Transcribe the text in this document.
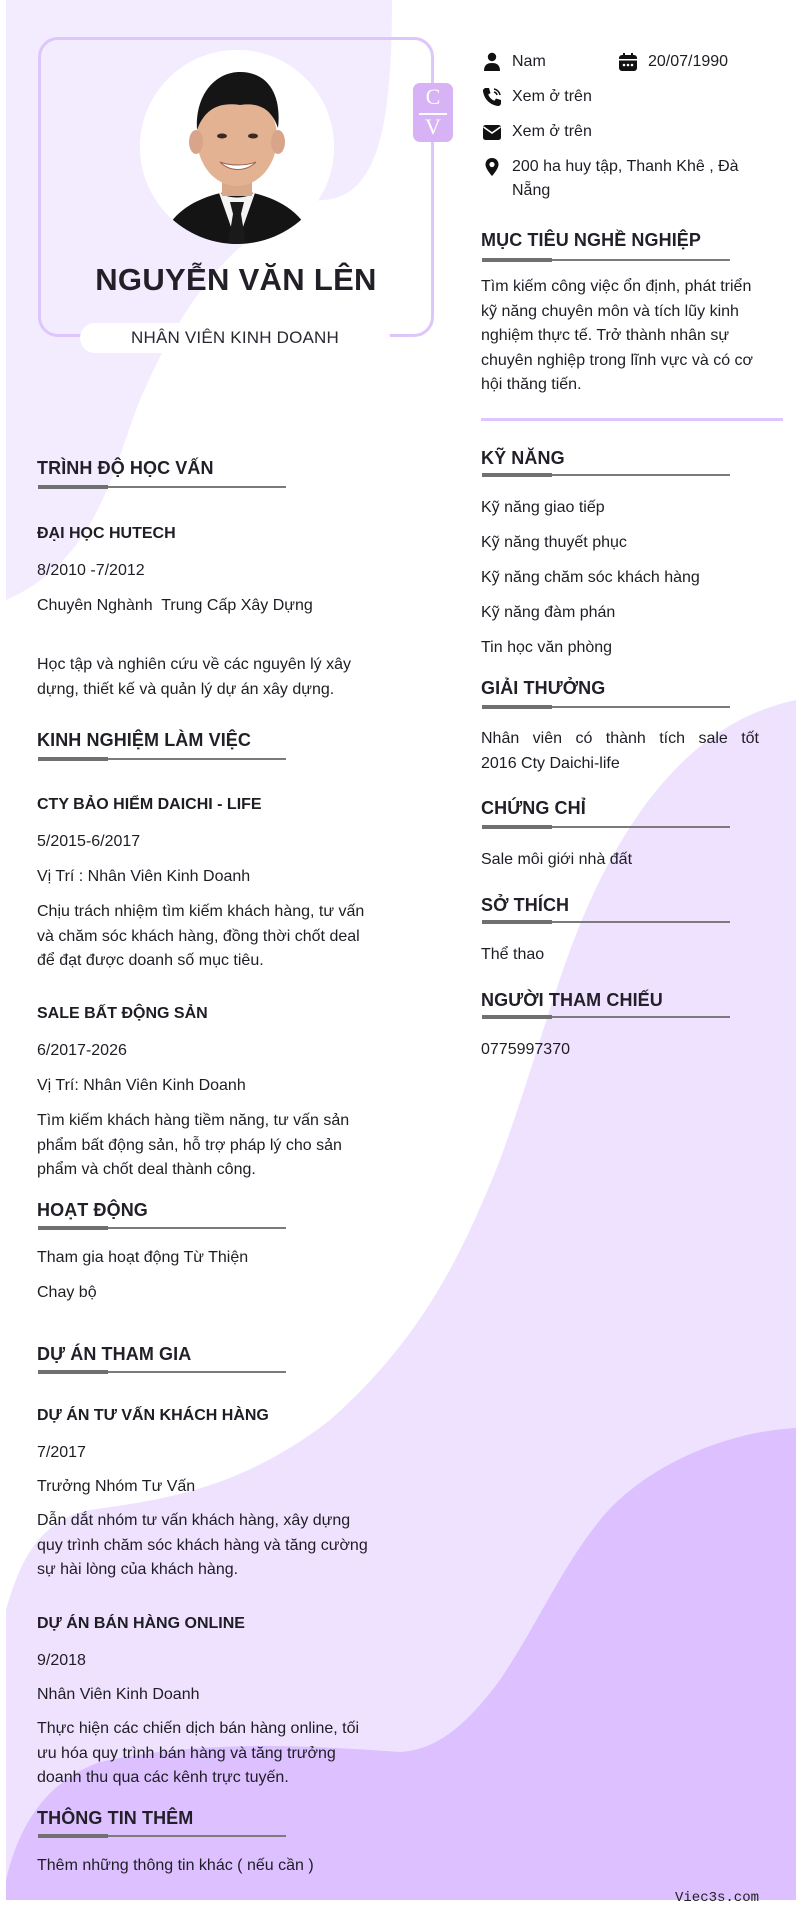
NGUYỄN VĂN LÊN
NHÂN VIÊN KINH DOANH
C
V
Nam	20/07/1990
Xem ở trên
Xem ở trên
200 ha huy tập, Thanh Khê , Đà
Nẵng
MỤC TIÊU NGHỀ NGHIỆP
Tìm kiếm công việc ổn định, phát triển
kỹ năng chuyên môn và tích lũy kinh
nghiệm thực tế. Trở thành nhân sự
chuyên nghiệp trong lĩnh vực và có cơ
hội thăng tiến.
KỸ NĂNG
Kỹ năng giao tiếp
Kỹ năng thuyết phục
Kỹ năng chăm sóc khách hàng
Kỹ năng đàm phán
Tin học văn phòng
GIẢI THƯỞNG
Nhân viên có thành tích sale tốt
2016 Cty Daichi-life
CHỨNG CHỈ
Sale môi giới nhà đất
SỞ THÍCH
Thể thao
NGƯỜI THAM CHIẾU
0775997370
TRÌNH ĐỘ HỌC VẤN
ĐẠI HỌC HUTECH
8/2010 -7/2012
Chuyên Nghành  Trung Cấp Xây Dựng
Học tập và nghiên cứu về các nguyên lý xây
dựng, thiết kế và quản lý dự án xây dựng.
KINH NGHIỆM LÀM VIỆC
CTY BẢO HIỂM DAICHI - LIFE
5/2015-6/2017
Vị Trí : Nhân Viên Kinh Doanh
Chịu trách nhiệm tìm kiếm khách hàng, tư vấn
và chăm sóc khách hàng, đồng thời chốt deal
để đạt được doanh số mục tiêu.
SALE BẤT ĐỘNG SẢN
6/2017-2026
Vị Trí: Nhân Viên Kinh Doanh
Tìm kiếm khách hàng tiềm năng, tư vấn sản
phẩm bất động sản, hỗ trợ pháp lý cho sản
phẩm và chốt deal thành công.
HOẠT ĐỘNG
Tham gia hoạt động Từ Thiện
Chay bộ
DỰ ÁN THAM GIA
DỰ ÁN TƯ VẤN KHÁCH HÀNG
7/2017
Trưởng Nhóm Tư Vấn
Dẫn dắt nhóm tư vấn khách hàng, xây dựng
quy trình chăm sóc khách hàng và tăng cường
sự hài lòng của khách hàng.
DỰ ÁN BÁN HÀNG ONLINE
9/2018
Nhân Viên Kinh Doanh
Thực hiện các chiến dịch bán hàng online, tối
ưu hóa quy trình bán hàng và tăng trưởng
doanh thu qua các kênh trực tuyến.
THÔNG TIN THÊM
Thêm những thông tin khác ( nếu cần )
Viec3s.com
